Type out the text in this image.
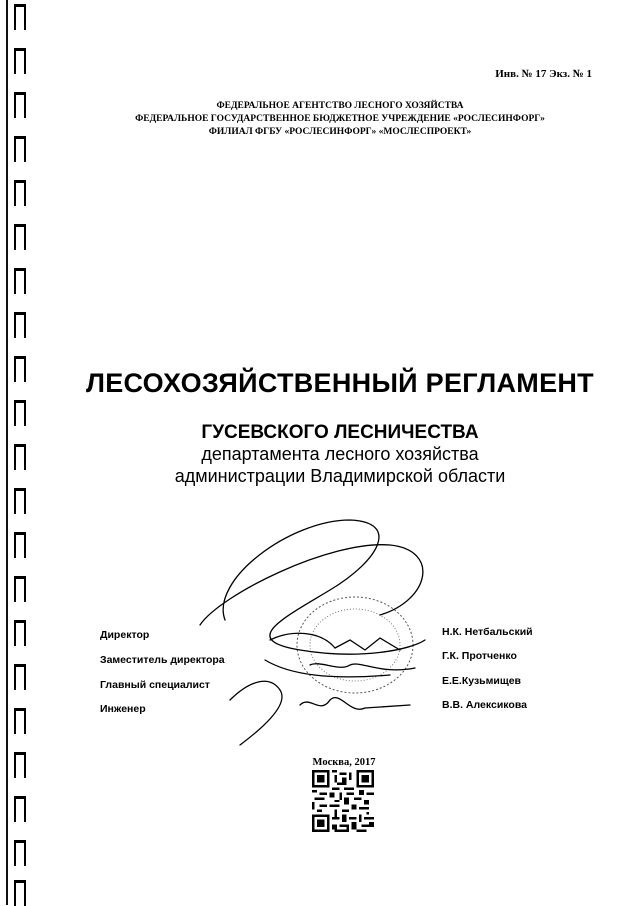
Инв. № 17 Экз. № 1
ФЕДЕРАЛЬНОЕ АГЕНТСТВО ЛЕСНОГО ХОЗЯЙСТВА
ФЕДЕРАЛЬНОЕ ГОСУДАРСТВЕННОЕ БЮДЖЕТНОЕ УЧРЕЖДЕНИЕ «РОСЛЕСИНФОРГ»
ФИЛИАЛ ФГБУ «РОСЛЕСИНФОРГ» «МОСЛЕСПРОЕКТ»
ЛЕСОХОЗЯЙСТВЕННЫЙ РЕГЛАМЕНТ
ГУСЕВСКОГО ЛЕСНИЧЕСТВА
департамента лесного хозяйства
администрации Владимирской области
Директор	Н.К. Нетбальский
Заместитель директора	Г.К. Протченко
Главный специалист	Е.Е.Кузьмищев
Инженер	В.В. Алексикова
Москва, 2017
